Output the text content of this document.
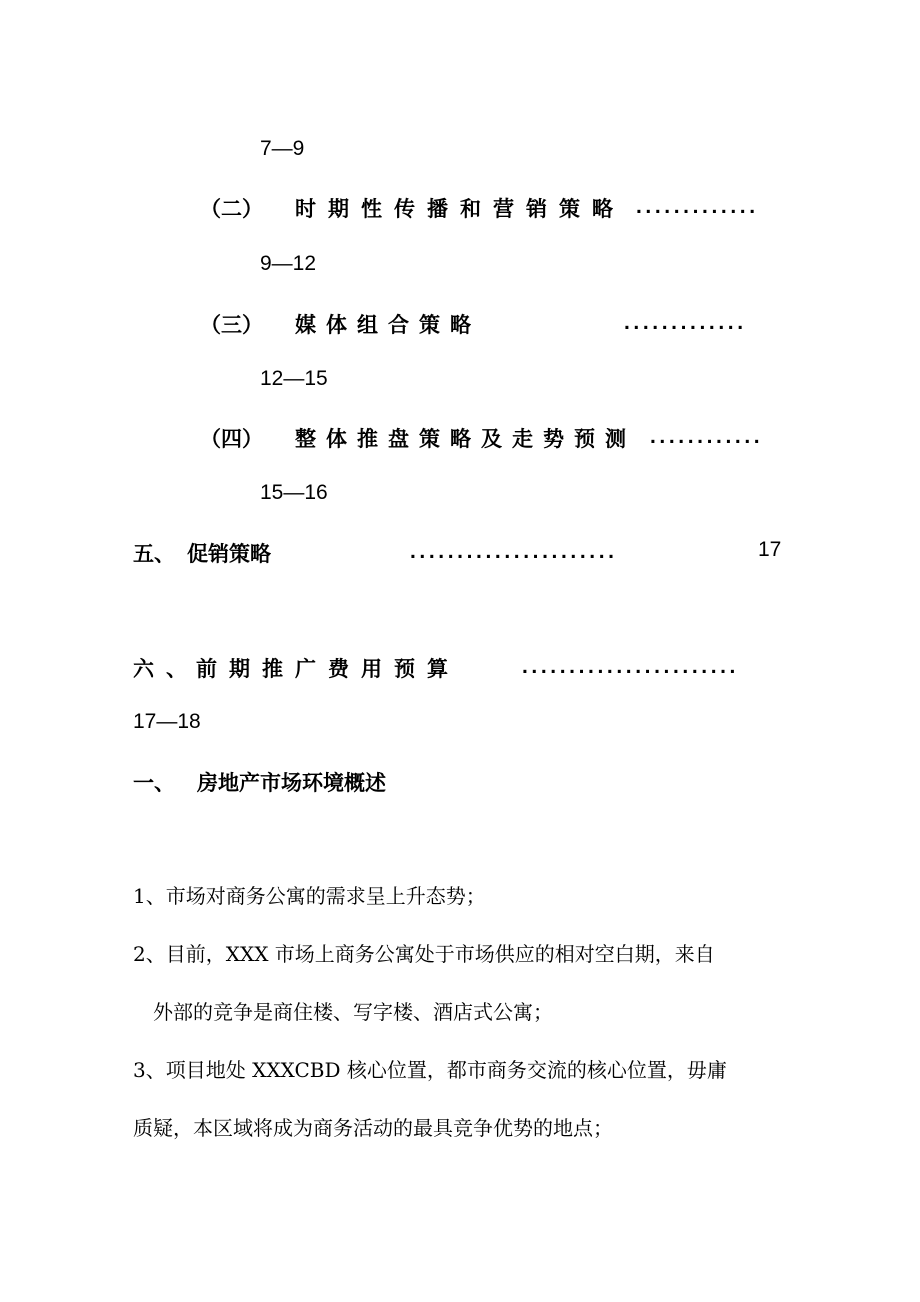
7—9
（二） 时期性传播和营销策略 .............
9—12
（三） 媒体组合策略	.............
12—15
（四） 整体推盘策略及走势预测 ............
15—16
五、 促销策略	......................	17
六、
前期推广费用预算	.......................
17—18
一、 房地产市场环境概述
1、市场对商务公寓的需求呈上升态势；
2、目前，XXX 市场上商务公寓处于市场供应的相对空白期，来自
外部的竞争是商住楼、写字楼、酒店式公寓；
3、项目地处 XXXCBD 核心位置，都市商务交流的核心位置，毋庸
质疑，本区域将成为商务活动的最具竞争优势的地点；
